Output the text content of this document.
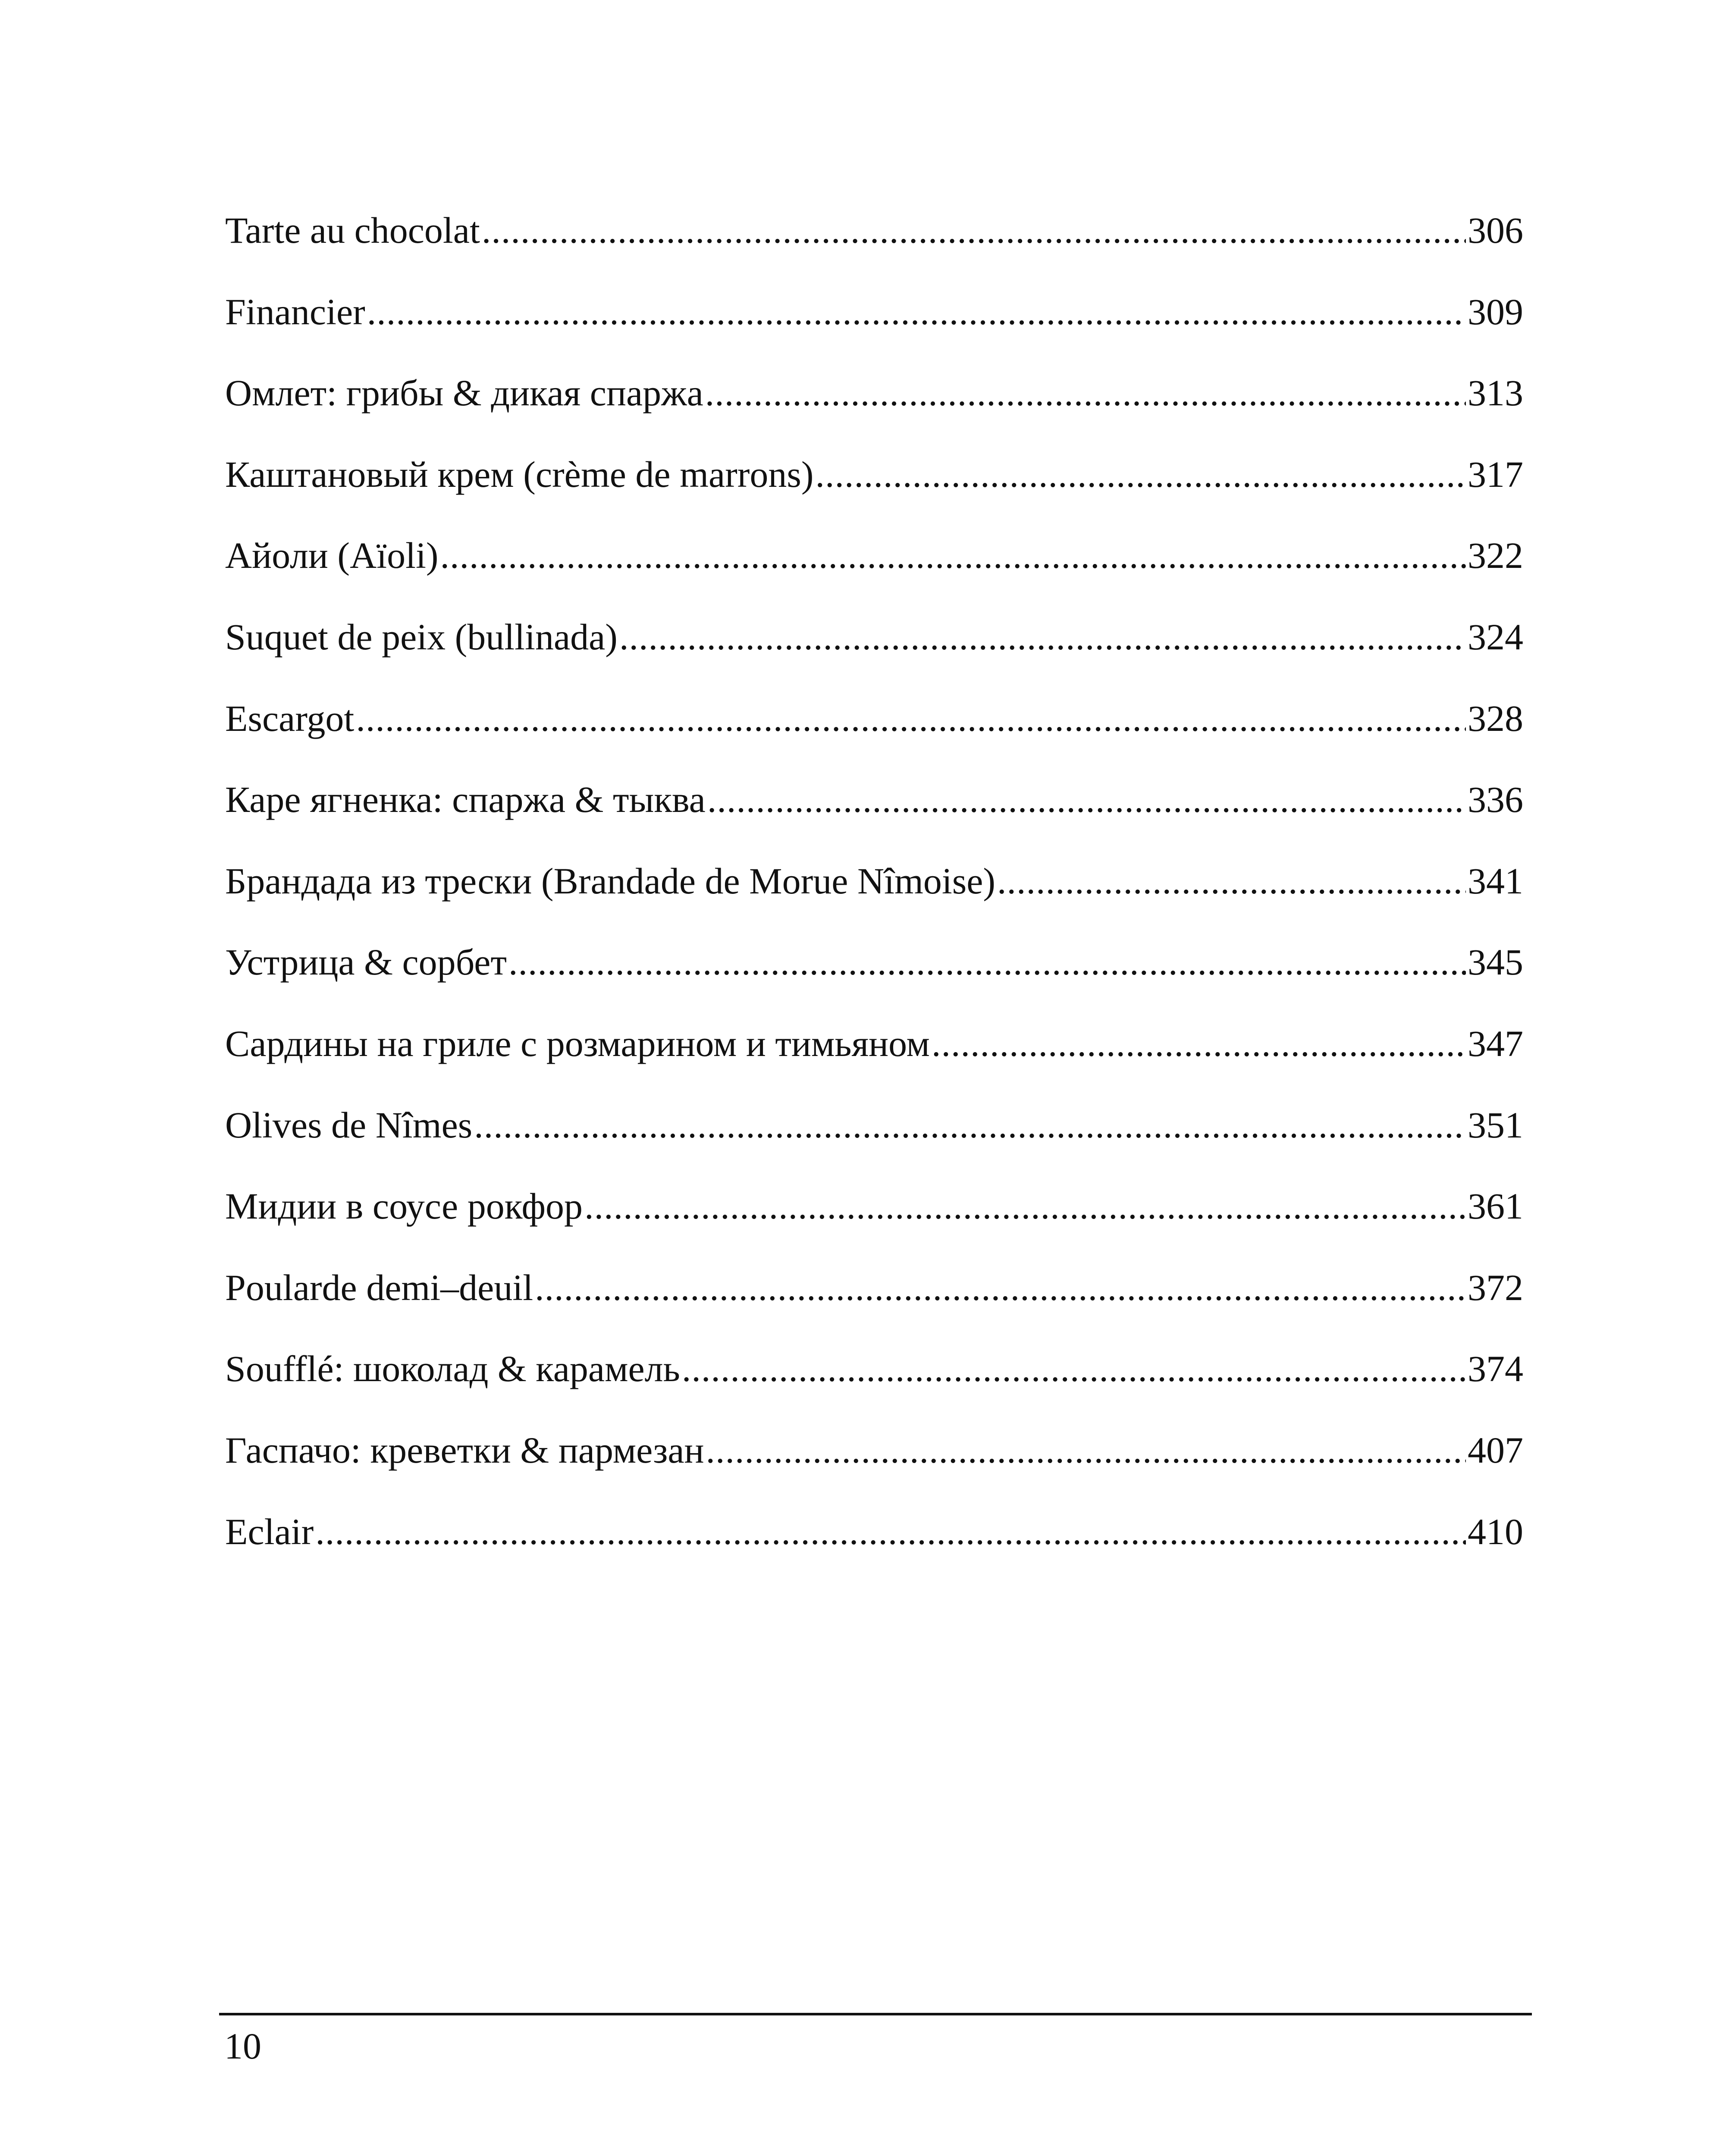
Tarte au chocolat .....	306
Financier .....	309
Омлет: грибы & дикая спаржа .....	313
Каштановый крем (crème de marrons) .....	317
Айоли (Aïoli) .....	322
Suquet de peix (bullinada) .....	324
Escargot .....	328
Каре ягненка: спаржа & тыква .....	336
Брандада из трески (Brandade de Morue Nîmoise) .....	341
Устрица & сорбет .....	345
Сардины на гриле с розмарином и тимьяном .....	347
Olives de Nîmes .....	351
Мидии в соусе рокфор .....	361
Poularde demi–deuil .....	372
Soufflé: шоколад & карамель .....	374
Гаспачо: креветки & пармезан .....	407
Eclair .....	410
10
